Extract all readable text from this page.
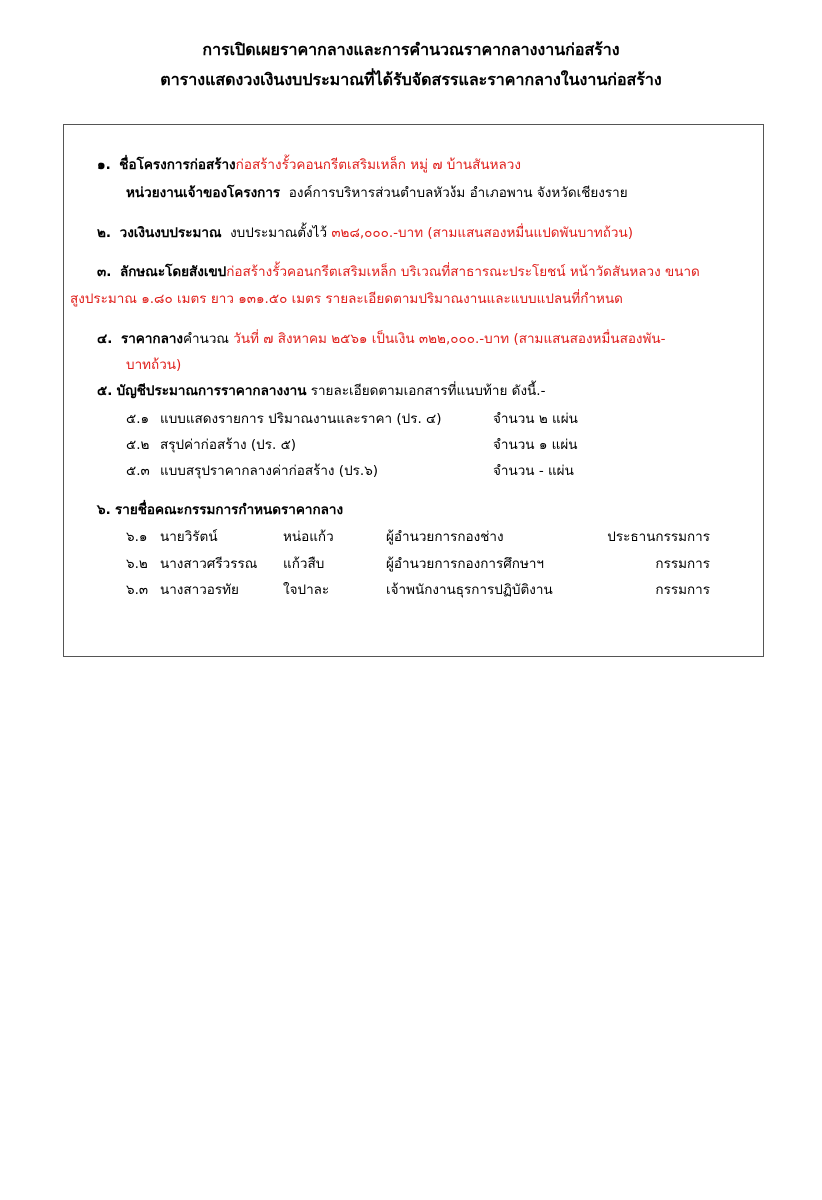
การเปิดเผยราคากลางและการคำนวณราคากลางงานก่อสร้าง
ตารางแสดงวงเงินงบประมาณที่ได้รับจัดสรรและราคากลางในงานก่อสร้าง
๑. ชื่อโครงการก่อสร้างก่อสร้างรั้วคอนกรีตเสริมเหล็ก หมู่ ๗ บ้านสันหลวง
หน่วยงานเจ้าของโครงการ องค์การบริหารส่วนตำบลหัวง้ม อำเภอพาน จังหวัดเชียงราย
๒. วงเงินงบประมาณ งบประมาณตั้งไว้ ๓๒๘,๐๐๐.-บาท (สามแสนสองหมื่นแปดพันบาทถ้วน)
๓. ลักษณะโดยสังเขปก่อสร้างรั้วคอนกรีตเสริมเหล็ก บริเวณที่สาธารณะประโยชน์ หน้าวัดสันหลวง ขนาด
สูงประมาณ ๑.๘๐ เมตร ยาว ๑๓๑.๕๐ เมตร รายละเอียดตามปริมาณงานและแบบแปลนที่กำหนด
๔. ราคากลางคำนวณ วันที่ ๗ สิงหาคม ๒๕๖๑ เป็นเงิน ๓๒๒,๐๐๐.-บาท (สามแสนสองหมื่นสองพัน-
บาทถ้วน)
๕. บัญชีประมาณการราคากลางงาน รายละเอียดตามเอกสารที่แนบท้าย ดังนี้.-
๕.๑ แบบแสดงรายการ ปริมาณงานและราคา (ปร. ๔)	จำนวน ๒ แผ่น
๕.๒ สรุปค่าก่อสร้าง (ปร. ๕)	จำนวน ๑ แผ่น
๕.๓ แบบสรุปราคากลางค่าก่อสร้าง (ปร.๖)	จำนวน - แผ่น
๖. รายชื่อคณะกรรมการกำหนดราคากลาง
๖.๑ นายวิรัตน์	หน่อแก้ว	ผู้อำนวยการกองช่าง	ประธานกรรมการ
๖.๒ นางสาวศรีวรรณ แก้วสืบ	ผู้อำนวยการกองการศึกษาฯ	กรรมการ
๖.๓ นางสาวอรทัย	ใจปาละ	เจ้าพนักงานธุรการปฏิบัติงาน	กรรมการ
